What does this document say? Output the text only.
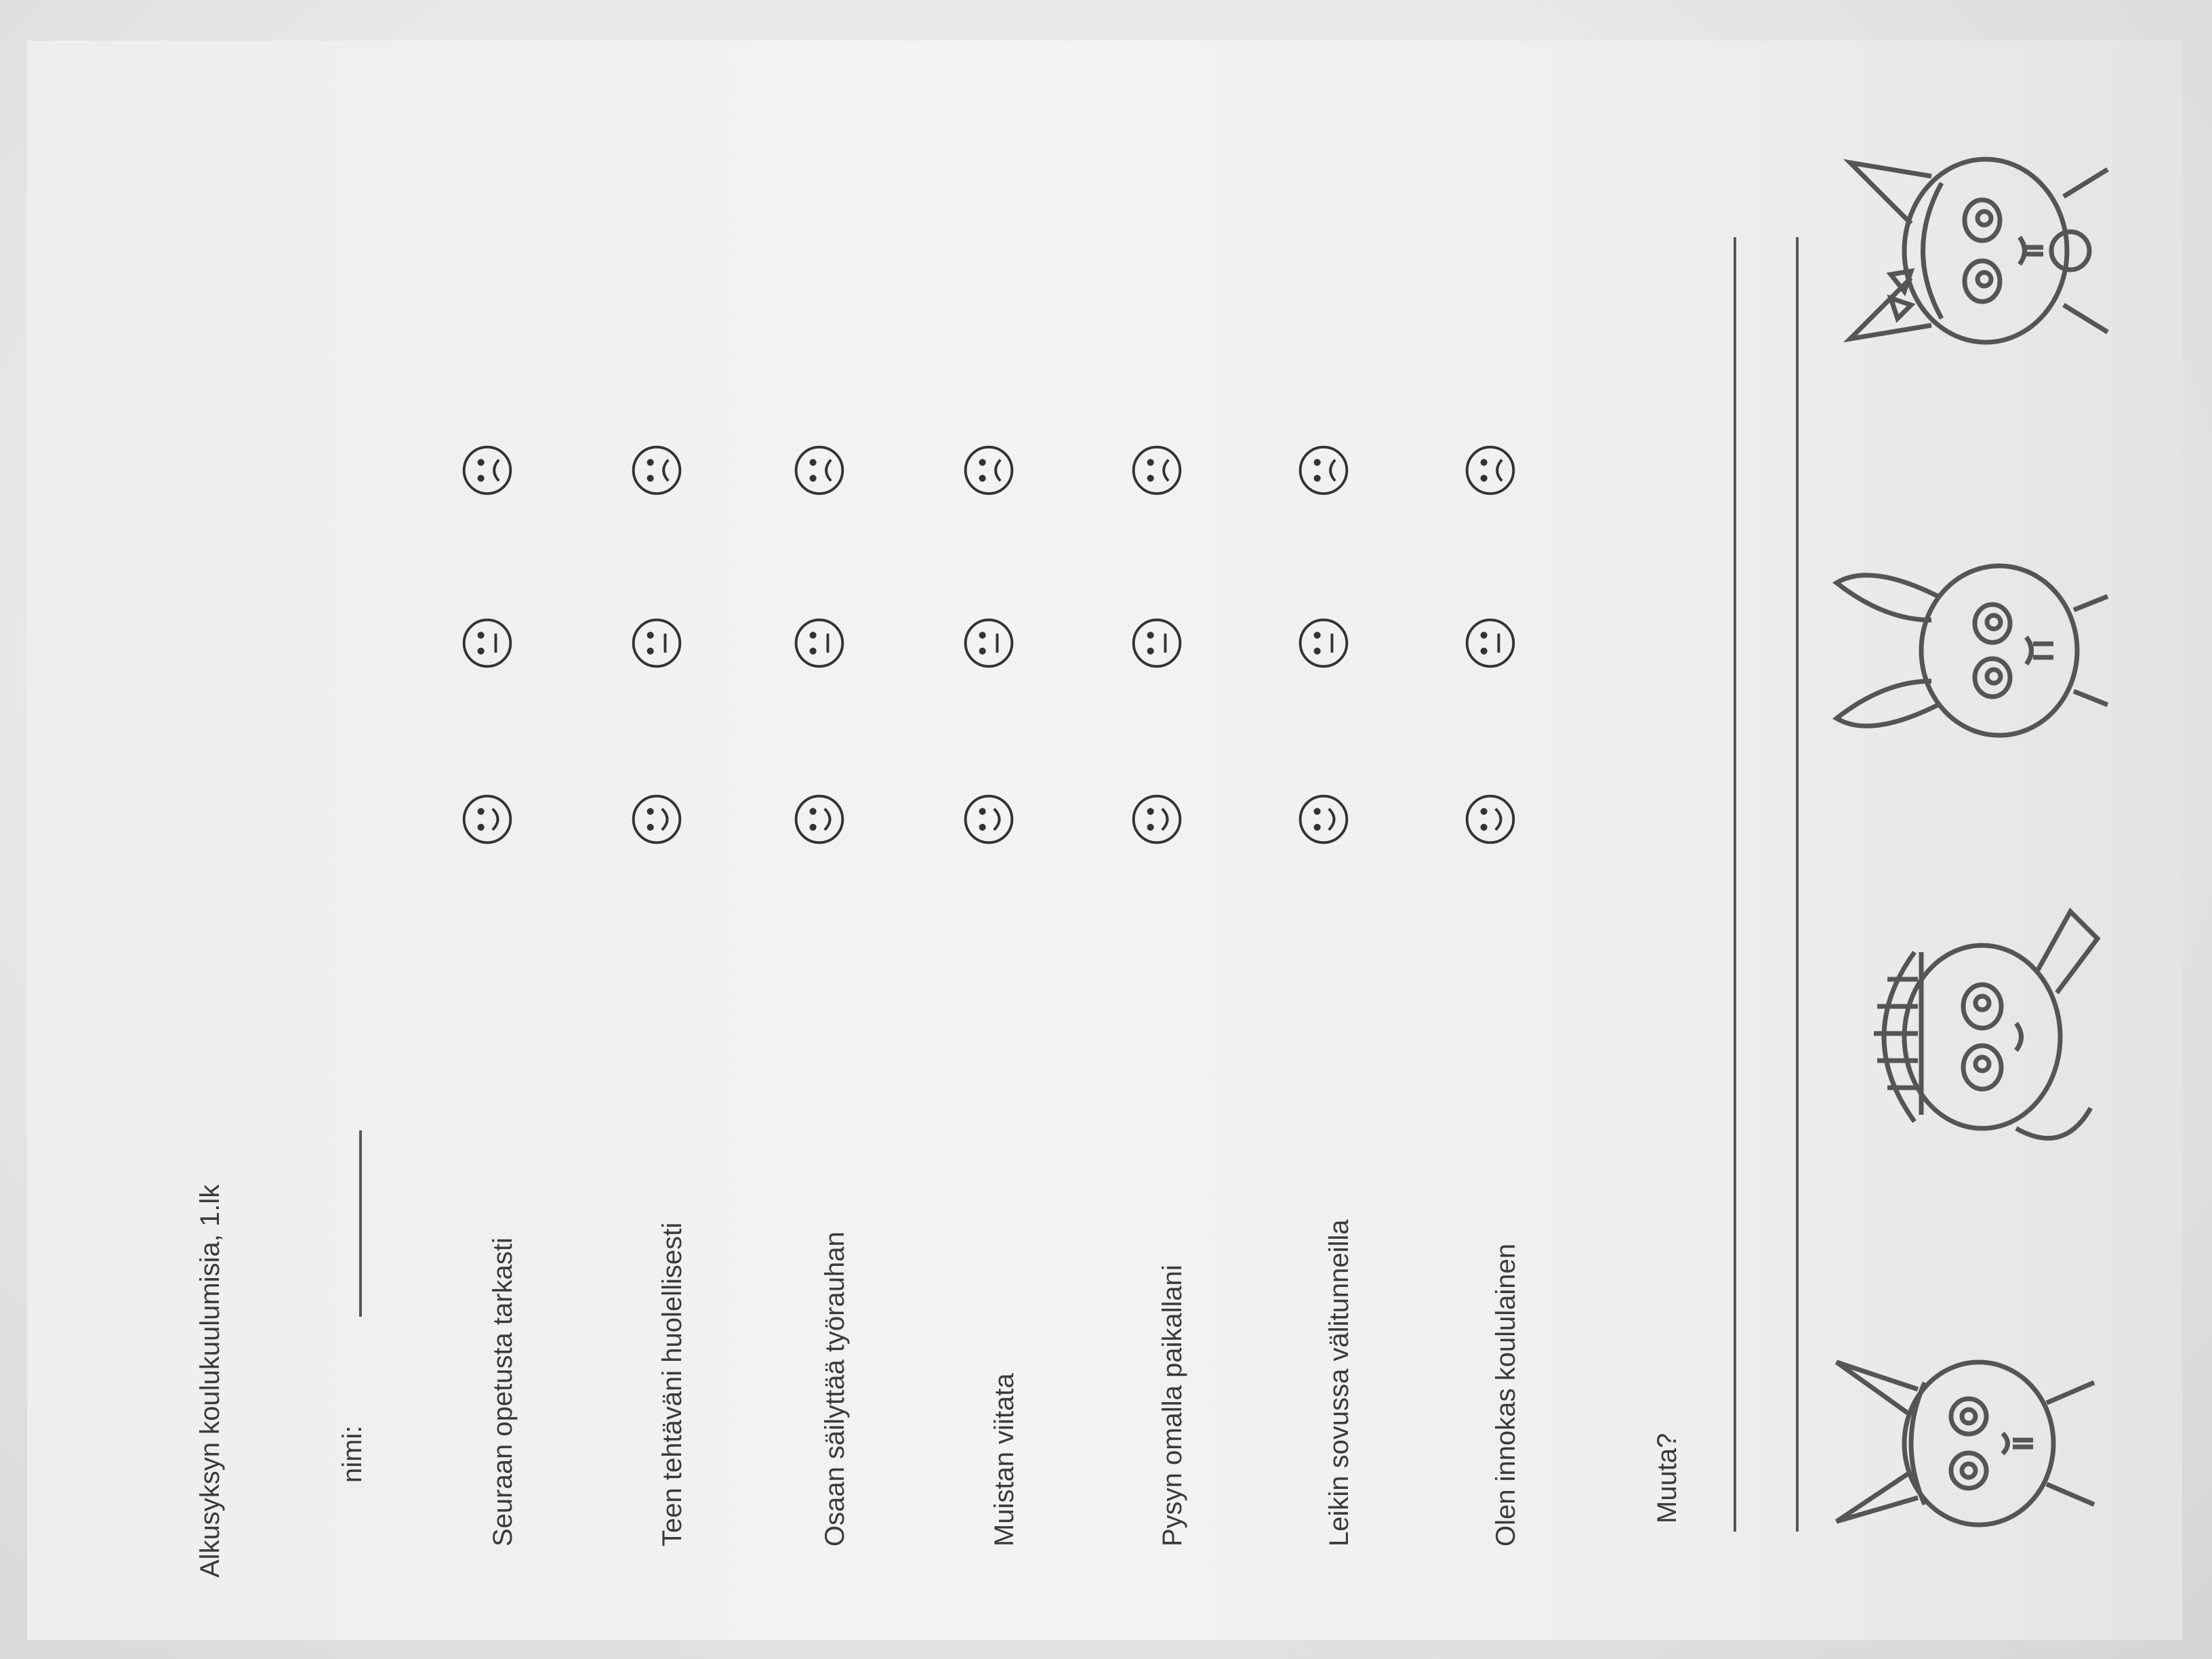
Alkusyksyn koulukuulumisia, 1.lk	nimi:	Seuraan opetusta tarkasti	Teen tehtäväni huolellisesti	Osaan säilyttää työrauhan	Muistan viitata	Pysyn omalla paikallani	Leikin sovussa välitunneilla	Olen innokas koululainen	Muuta?
